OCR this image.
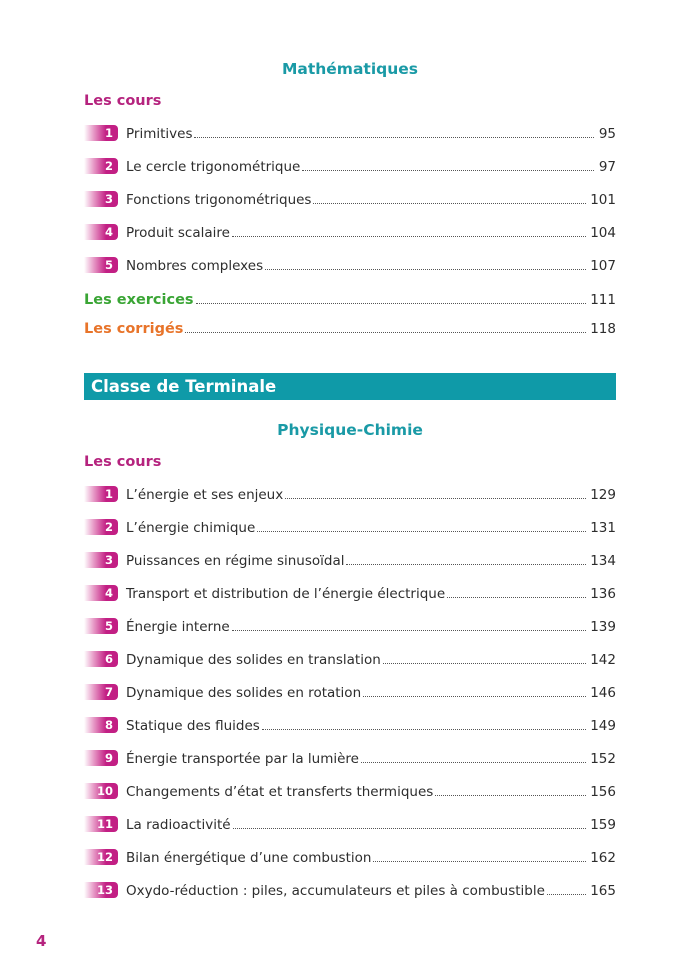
Mathématiques
Les cours
1 Primitives	95
2 Le cercle trigonométrique	97
3 Fonctions trigonométriques	101
4 Produit scalaire	104
5 Nombres complexes	107
Les exercices	111
Les corrigés	118
Classe de Terminale
Physique-Chimie
Les cours
1 L’énergie et ses enjeux	129
2 L’énergie chimique	131
3 Puissances en régime sinusoïdal	134
4 Transport et distribution de l’énergie électrique	136
5 Énergie interne	139
6 Dynamique des solides en translation	142
7 Dynamique des solides en rotation	146
8 Statique des fluides	149
9 Énergie transportée par la lumière	152
10 Changements d’état et transferts thermiques	156
11 La radioactivité	159
12 Bilan énergétique d’une combustion	162
13 Oxydo-réduction : piles, accumulateurs et piles à combustible	165
4
